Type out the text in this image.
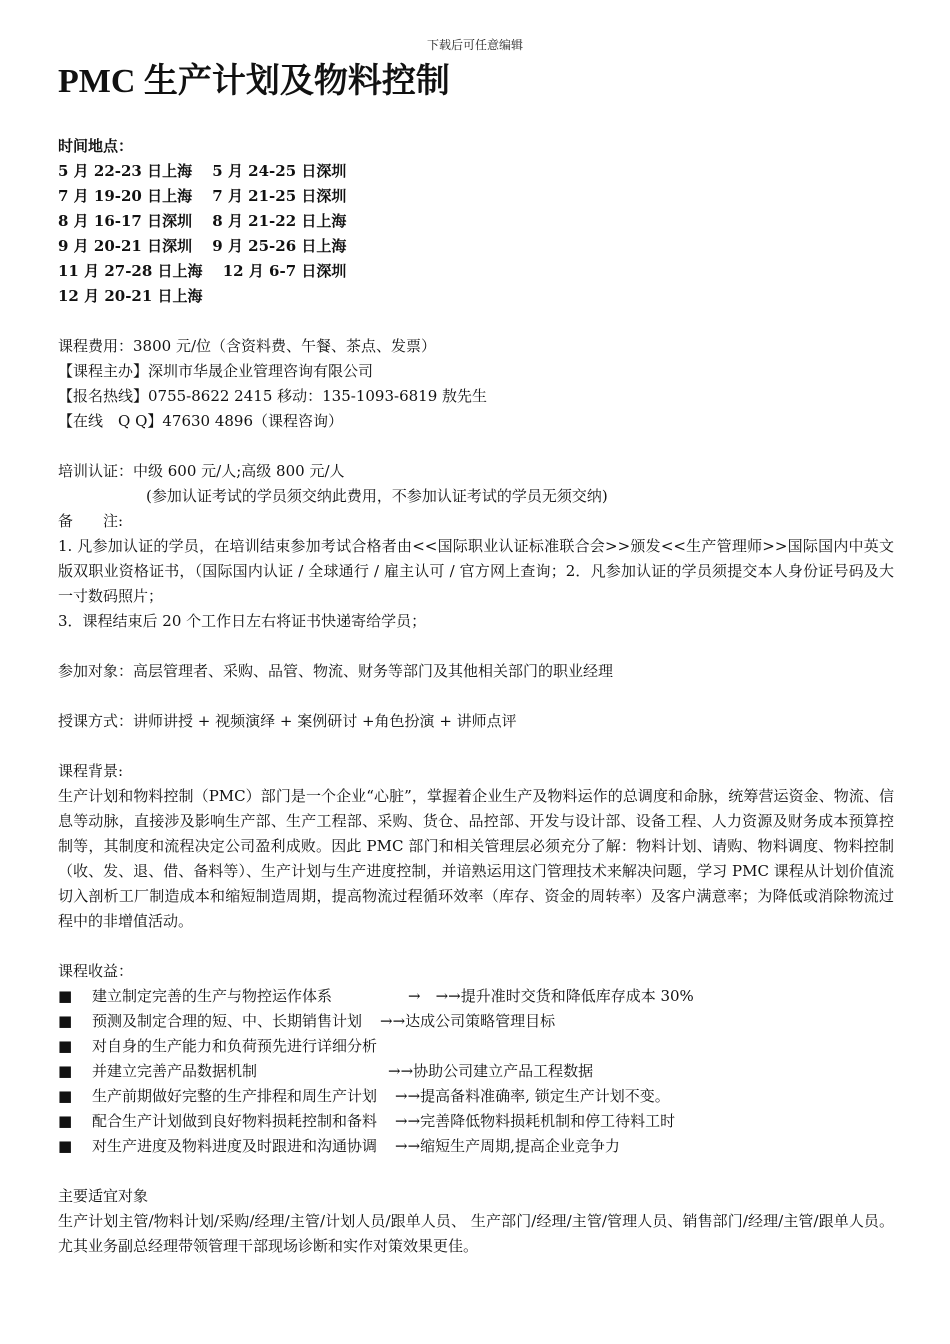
下载后可任意编辑
PMC 生产计划及物料控制
时间地点：
5 月 22-23 日上海　 5 月 24-25 日深圳
7 月 19-20 日上海　 7 月 21-25 日深圳
8 月 16-17 日深圳　 8 月 21-22 日上海
9 月 20-21 日深圳　 9 月 25-26 日上海
11 月 27-28 日上海　 12 月 6-7 日深圳
12 月 20-21 日上海
课程费用：3800 元/位（含资料费、午餐、茶点、发票）
【课程主办】深圳市华晟企业管理咨询有限公司
【报名热线】0755-8622 2415 移动：135-1093-6819 敖先生
【在线　Q Q】47630 4896（课程咨询）
培训认证：中级 600 元/人;高级 800 元/人
(参加认证考试的学员须交纳此费用，不参加认证考试的学员无须交纳)
备　　注:
1. 凡参加认证的学员，在培训结束参加考试合格者由<<国际职业认证标准联合会>>颁发<<生产管理师>>国际国内中英文版双职业资格证书，（国际国内认证 / 全球通行 / 雇主认可 / 官方网上查询；2．凡参加认证的学员须提交本人身份证号码及大一寸数码照片；
3．课程结束后 20 个工作日左右将证书快递寄给学员；
参加对象：高层管理者、采购、品管、物流、财务等部门及其他相关部门的职业经理
授课方式：讲师讲授 + 视频演绎 + 案例研讨 +角色扮演 + 讲师点评
课程背景:
生产计划和物料控制（PMC）部门是一个企业“心脏”，掌握着企业生产及物料运作的总调度和命脉，统筹营运资金、物流、信息等动脉，直接涉及影响生产部、生产工程部、采购、货仓、品控部、开发与设计部、设备工程、人力资源及财务成本预算控制等，其制度和流程决定公司盈利成败。因此 PMC 部门和相关管理层必须充分了解：物料计划、请购、物料调度、物料控制（收、发、退、借、备料等）、生产计划与生产进度控制，并谙熟运用这门管理技术来解决问题，学习 PMC 课程从计划价值流切入剖析工厂制造成本和缩短制造周期，提高物流过程循环效率（库存、资金的周转率）及客户满意率；为降低或消除物流过程中的非增值活动。
课程收益：
■	建立制定完善的生产与物控运作体系	→　→→提升准时交货和降低库存成本 30%
■	预测及制定合理的短、中、长期销售计划	→→达成公司策略管理目标
■	对自身的生产能力和负荷预先进行详细分析
■	并建立完善产品数据机制	→→协助公司建立产品工程数据
■	生产前期做好完整的生产排程和周生产计划	→→提高备料准确率, 锁定生产计划不变。
■	配合生产计划做到良好物料损耗控制和备料	→→完善降低物料损耗机制和停工待料工时
■	对生产进度及物料进度及时跟进和沟通协调	→→缩短生产周期,提高企业竞争力
主要适宜对象
生产计划主管/物料计划/采购/经理/主管/计划人员/跟单人员、 生产部门/经理/主管/管理人员、销售部门/经理/主管/跟单人员。尤其业务副总经理带领管理干部现场诊断和实作对策效果更佳。
